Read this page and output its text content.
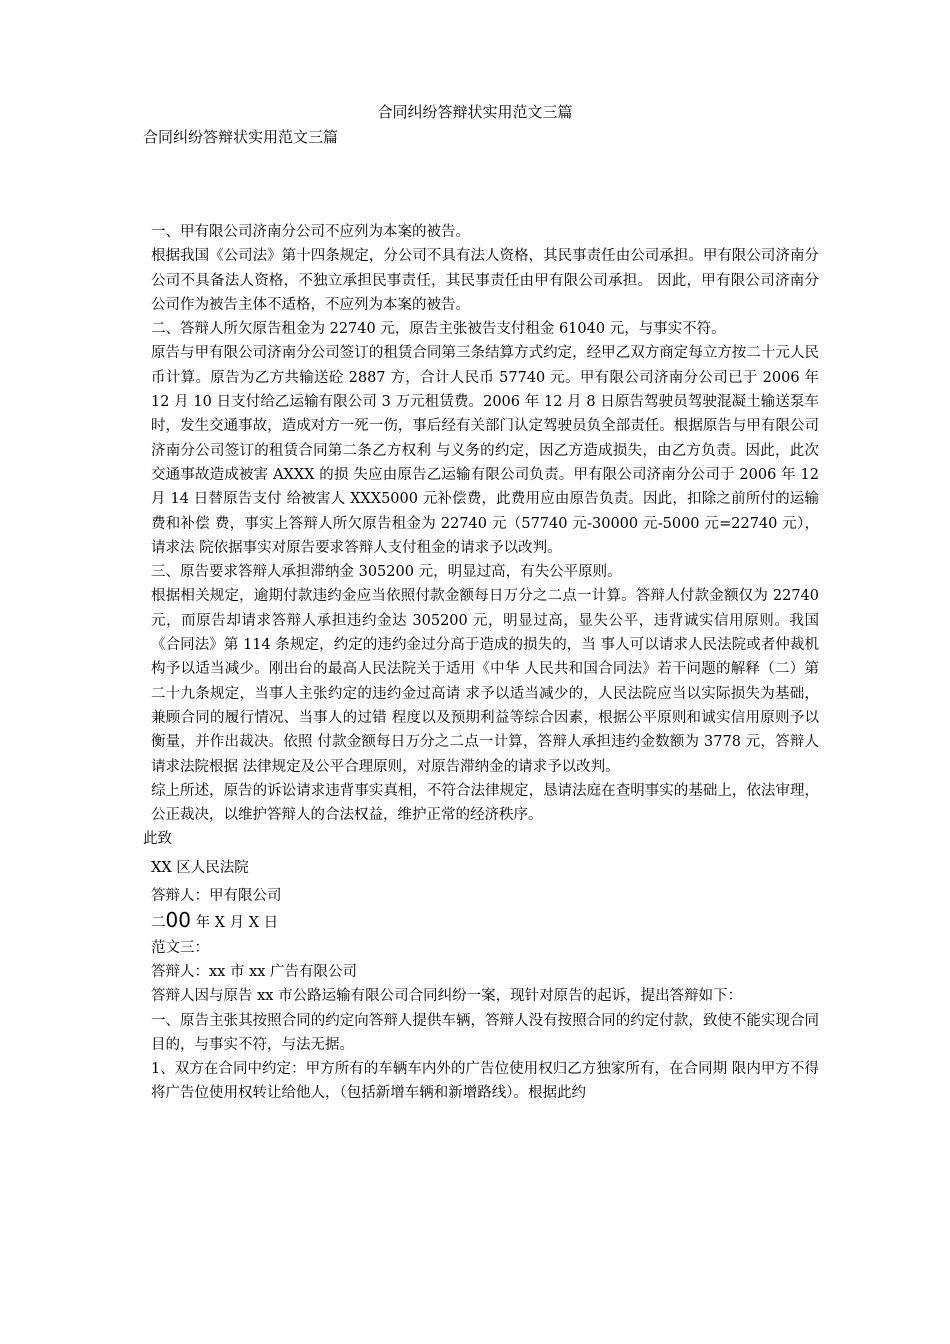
合同纠纷答辩状实用范文三篇
合同纠纷答辩状实用范文三篇

一、甲有限公司济南分公司不应列为本案的被告。

根据我国《公司法》第十四条规定，分公司不具有法人资格，其民事责任由公司承担。甲有限公司济南分公司不具备法人资格，不独立承担民事责任，其民事责任由甲有限公司承担。 因此，甲有限公司济南分公司作为被告主体不适格，不应列为本案的被告。

二、答辩人所欠原告租金为 22740 元，原告主张被告支付租金 61040 元，与事实不符。

原告与甲有限公司济南分公司签订的租赁合同第三条结算方式约定，经甲乙双方商定每立方按二十元人民币计算。原告为乙方共输送砼 2887 方，合计人民币 57740 元。甲有限公司济南分公司已于 2006 年 12 月 10 日支付给乙运输有限公司 3 万元租赁费。2006 年 12 月 8 日原告驾驶员驾驶混凝土输送泵车时，发生交通事故，造成对方一死一伤，事后经有关部门认定驾驶员负全部责任。根据原告与甲有限公司济南分公司签订的租赁合同第二条乙方权利 与义务的约定，因乙方造成损失，由乙方负责。因此，此次交通事故造成被害 AXXX 的损 失应由原告乙运输有限公司负责。甲有限公司济南分公司于 2006 年 12 月 14 日替原告支付 给被害人 XXX5000 元补偿费，此费用应由原告负责。因此，扣除之前所付的运输费和补偿 费，事实上答辩人所欠原告租金为 22740 元（57740 元-30000 元-5000 元=22740 元），请求法 院依据事实对原告要求答辩人支付租金的请求予以改判。

三、原告要求答辩人承担滞纳金 305200 元，明显过高，有失公平原则。

根据相关规定，逾期付款违约金应当依照付款金额每日万分之二点一计算。答辩人付款金额仅为 22740 元，而原告却请求答辩人承担违约金达 305200 元，明显过高，显失公平，违背诚实信用原则。我国《合同法》第 114 条规定，约定的违约金过分高于造成的损失的，当 事人可以请求人民法院或者仲裁机构予以适当减少。刚出台的最高人民法院关于适用《中华 人民共和国合同法》若干问题的解释（二）第二十九条规定，当事人主张约定的违约金过高请 求予以适当减少的，人民法院应当以实际损失为基础，兼顾合同的履行情况、当事人的过错 程度以及预期利益等综合因素，根据公平原则和诚实信用原则予以衡量，并作出裁决。依照 付款金额每日万分之二点一计算，答辩人承担违约金数额为 3778 元，答辩人请求法院根据 法律规定及公平合理原则，对原告滞纳金的请求予以改判。

综上所述，原告的诉讼请求违背事实真相，不符合法律规定，恳请法庭在查明事实的基础上，依法审理，公正裁决，以维护答辩人的合法权益，维护正常的经济秩序。

此致

XX 区人民法院

答辩人：甲有限公司

二00 年 X 月 X 日

范文三：

答辩人：xx 市 xx 广告有限公司

答辩人因与原告 xx 市公路运输有限公司合同纠纷一案，现针对原告的起诉，提出答辩如下：

一、原告主张其按照合同的约定向答辩人提供车辆，答辩人没有按照合同的约定付款，致使不能实现合同目的，与事实不符，与法无据。

1、双方在合同中约定：甲方所有的车辆车内外的广告位使用权归乙方独家所有，在合同期 限内甲方不得将广告位使用权转让给他人，（包括新增车辆和新增路线）。根据此约
